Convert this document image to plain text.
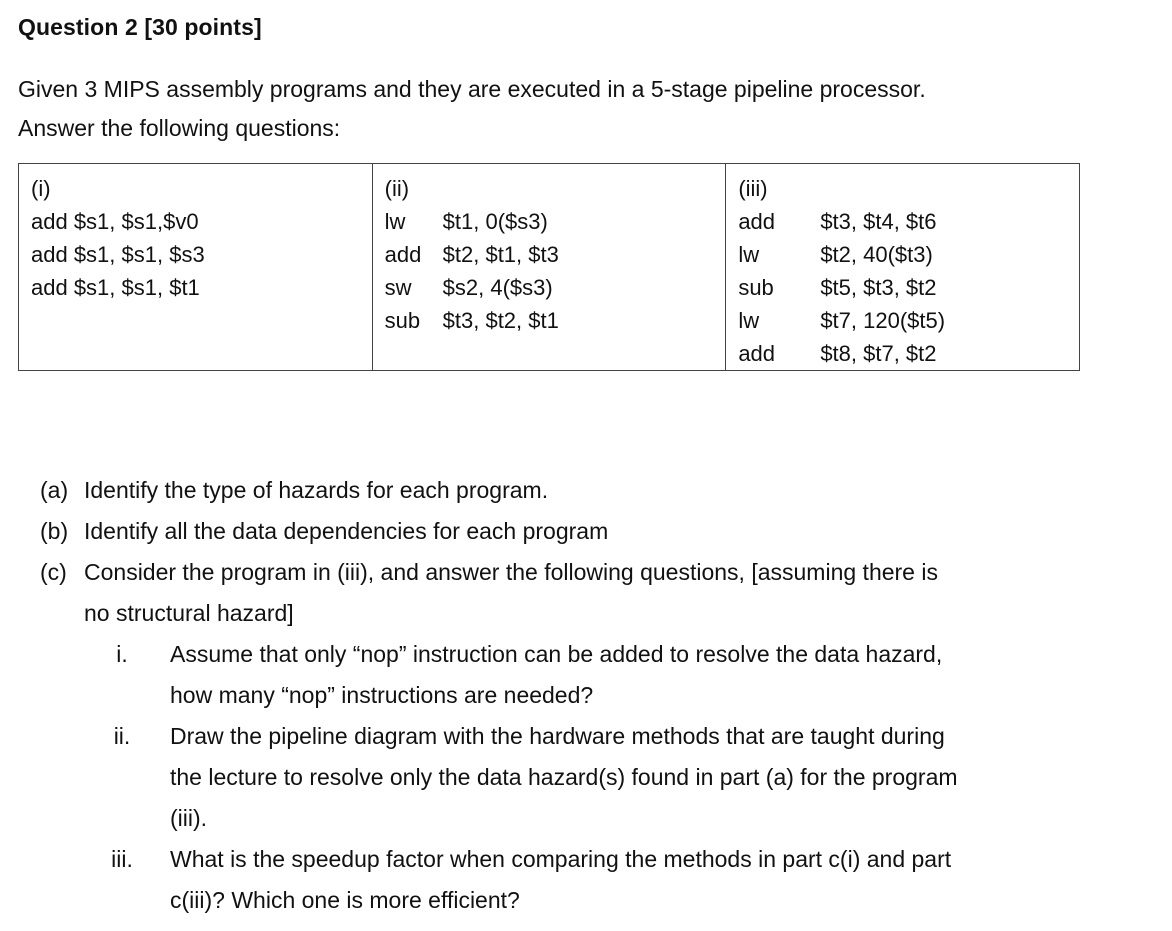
Question 2 [30 points]

Given 3 MIPS assembly programs and they are executed in a 5-stage pipeline processor.

Answer the following questions:

(i)
add $s1, $s1,$v0
add $s1, $s1, $s3
add $s1, $s1, $t1

(ii)
lw $t1, 0($s3)
add $t2, $t1, $t3
sw $s2, 4($s3)
sub $t3, $t2, $t1

(iii)
add $t3, $t4, $t6
lw	$t2, 40($t3)
sub $t5, $t3, $t2
lw	$t7, 120($t5)
add $t8, $t7, $t2
(a) Identify the type of hazards for each program.
(b) Identify all the data dependencies for each program
(c) Consider the program in (iii), and answer the following questions, [assuming there is
no structural hazard]
i.	Assume that only “nop” instruction can be added to resolve the data hazard,
how many “nop” instructions are needed?
ii.	Draw the pipeline diagram with the hardware methods that are taught during
the lecture to resolve only the data hazard(s) found in part (a) for the program
(iii).
iii.	What is the speedup factor when comparing the methods in part c(i) and part
c(iii)? Which one is more efficient?
